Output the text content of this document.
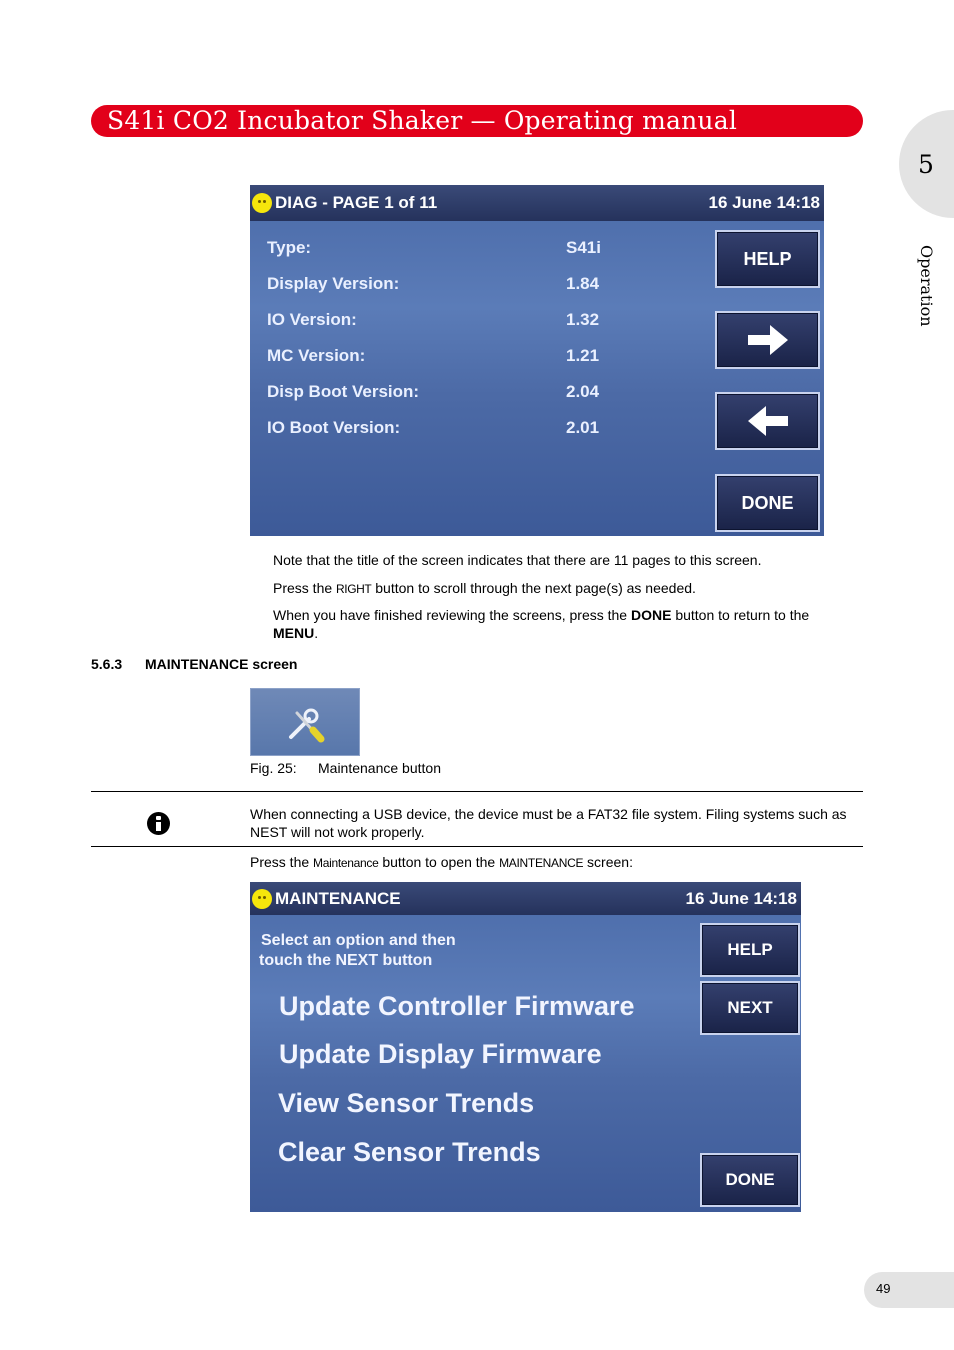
S41i CO2 Incubator Shaker — Operating manual
5
Operation
DIAG - PAGE 1 of 11	16 June 14:18
Type:	S41i
Display Version:	1.84
IO Version:	1.32
MC Version:	1.21
Disp Boot Version:	2.04
IO Boot Version:	2.01
HELP
DONE
Note that the title of the screen indicates that there are 11 pages to this screen.
Press the RIGHT button to scroll through the next page(s) as needed.
When you have finished reviewing the screens, press the DONE button to return to the MENU.
5.6.3 MAINTENANCE screen
Fig. 25: Maintenance button
When connecting a USB device, the device must be a FAT32 file system. Filing systems such as NEST will not work properly.
Press the Maintenance button to open the MAINTENANCE screen:
MAINTENANCE	16 June 14:18
Select an option and then
touch the NEXT button
Update Controller Firmware
Update Display Firmware
View Sensor Trends
Clear Sensor Trends
HELP
NEXT
DONE
49
